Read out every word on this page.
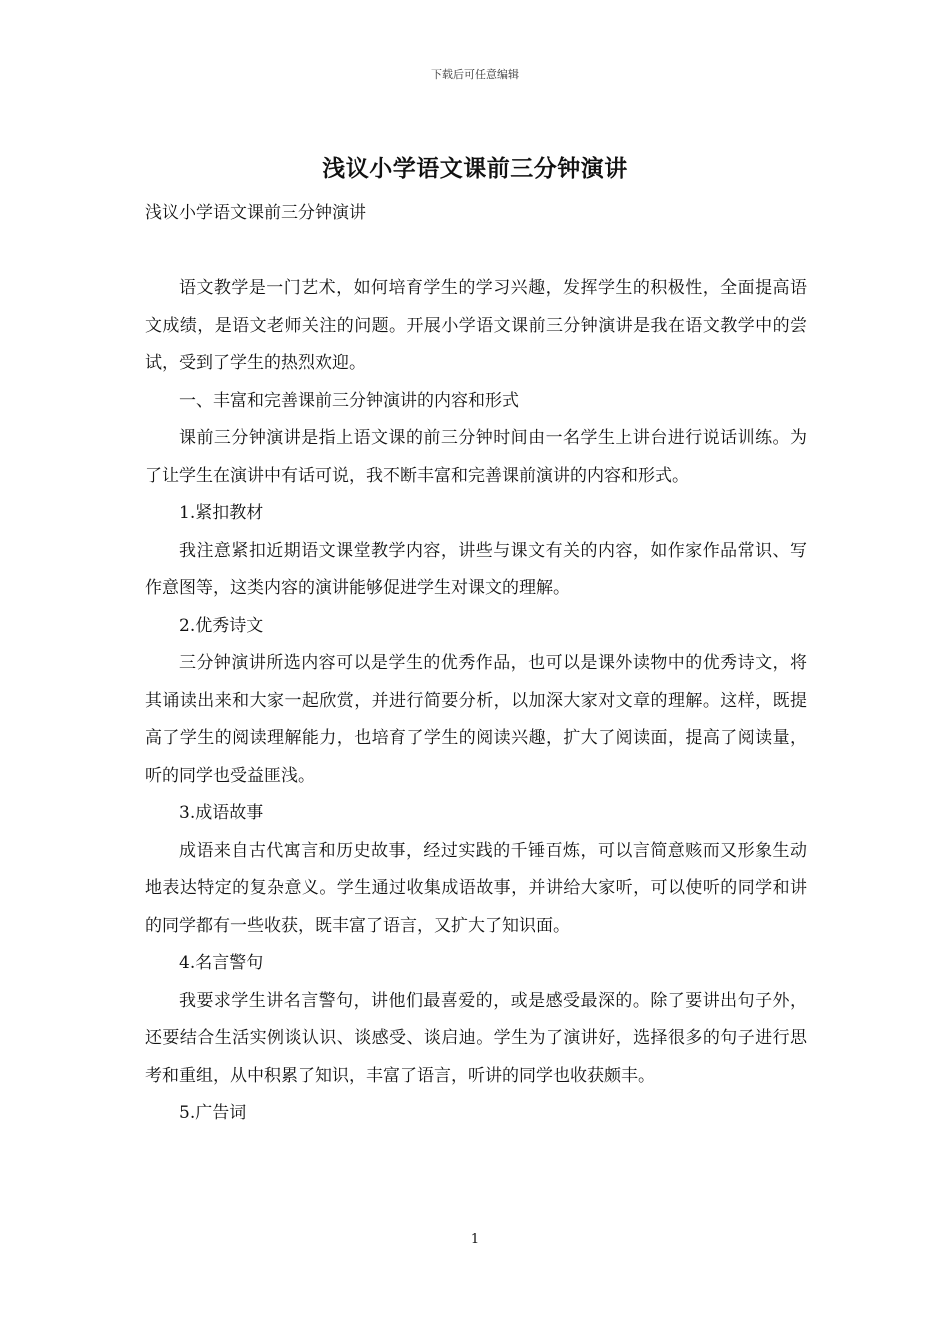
下载后可任意编辑
浅议小学语文课前三分钟演讲
浅议小学语文课前三分钟演讲

语文教学是一门艺术，如何培育学生的学习兴趣，发挥学生的积极性，全面提高语文成绩，是语文老师关注的问题。开展小学语文课前三分钟演讲是我在语文教学中的尝试，受到了学生的热烈欢迎。

一、丰富和完善课前三分钟演讲的内容和形式

课前三分钟演讲是指上语文课的前三分钟时间由一名学生上讲台进行说话训练。为了让学生在演讲中有话可说，我不断丰富和完善课前演讲的内容和形式。

1.紧扣教材

我注意紧扣近期语文课堂教学内容，讲些与课文有关的内容，如作家作品常识、写作意图等，这类内容的演讲能够促进学生对课文的理解。

2.优秀诗文

三分钟演讲所选内容可以是学生的优秀作品，也可以是课外读物中的优秀诗文，将其诵读出来和大家一起欣赏，并进行简要分析，以加深大家对文章的理解。这样，既提高了学生的阅读理解能力，也培育了学生的阅读兴趣，扩大了阅读面，提高了阅读量，听的同学也受益匪浅。

3.成语故事

成语来自古代寓言和历史故事，经过实践的千锤百炼，可以言简意赅而又形象生动地表达特定的复杂意义。学生通过收集成语故事，并讲给大家听，可以使听的同学和讲的同学都有一些收获，既丰富了语言，又扩大了知识面。

4.名言警句

我要求学生讲名言警句，讲他们最喜爱的，或是感受最深的。除了要讲出句子外，还要结合生活实例谈认识、谈感受、谈启迪。学生为了演讲好，选择很多的句子进行思考和重组，从中积累了知识，丰富了语言，听讲的同学也收获颇丰。

5.广告词

1
